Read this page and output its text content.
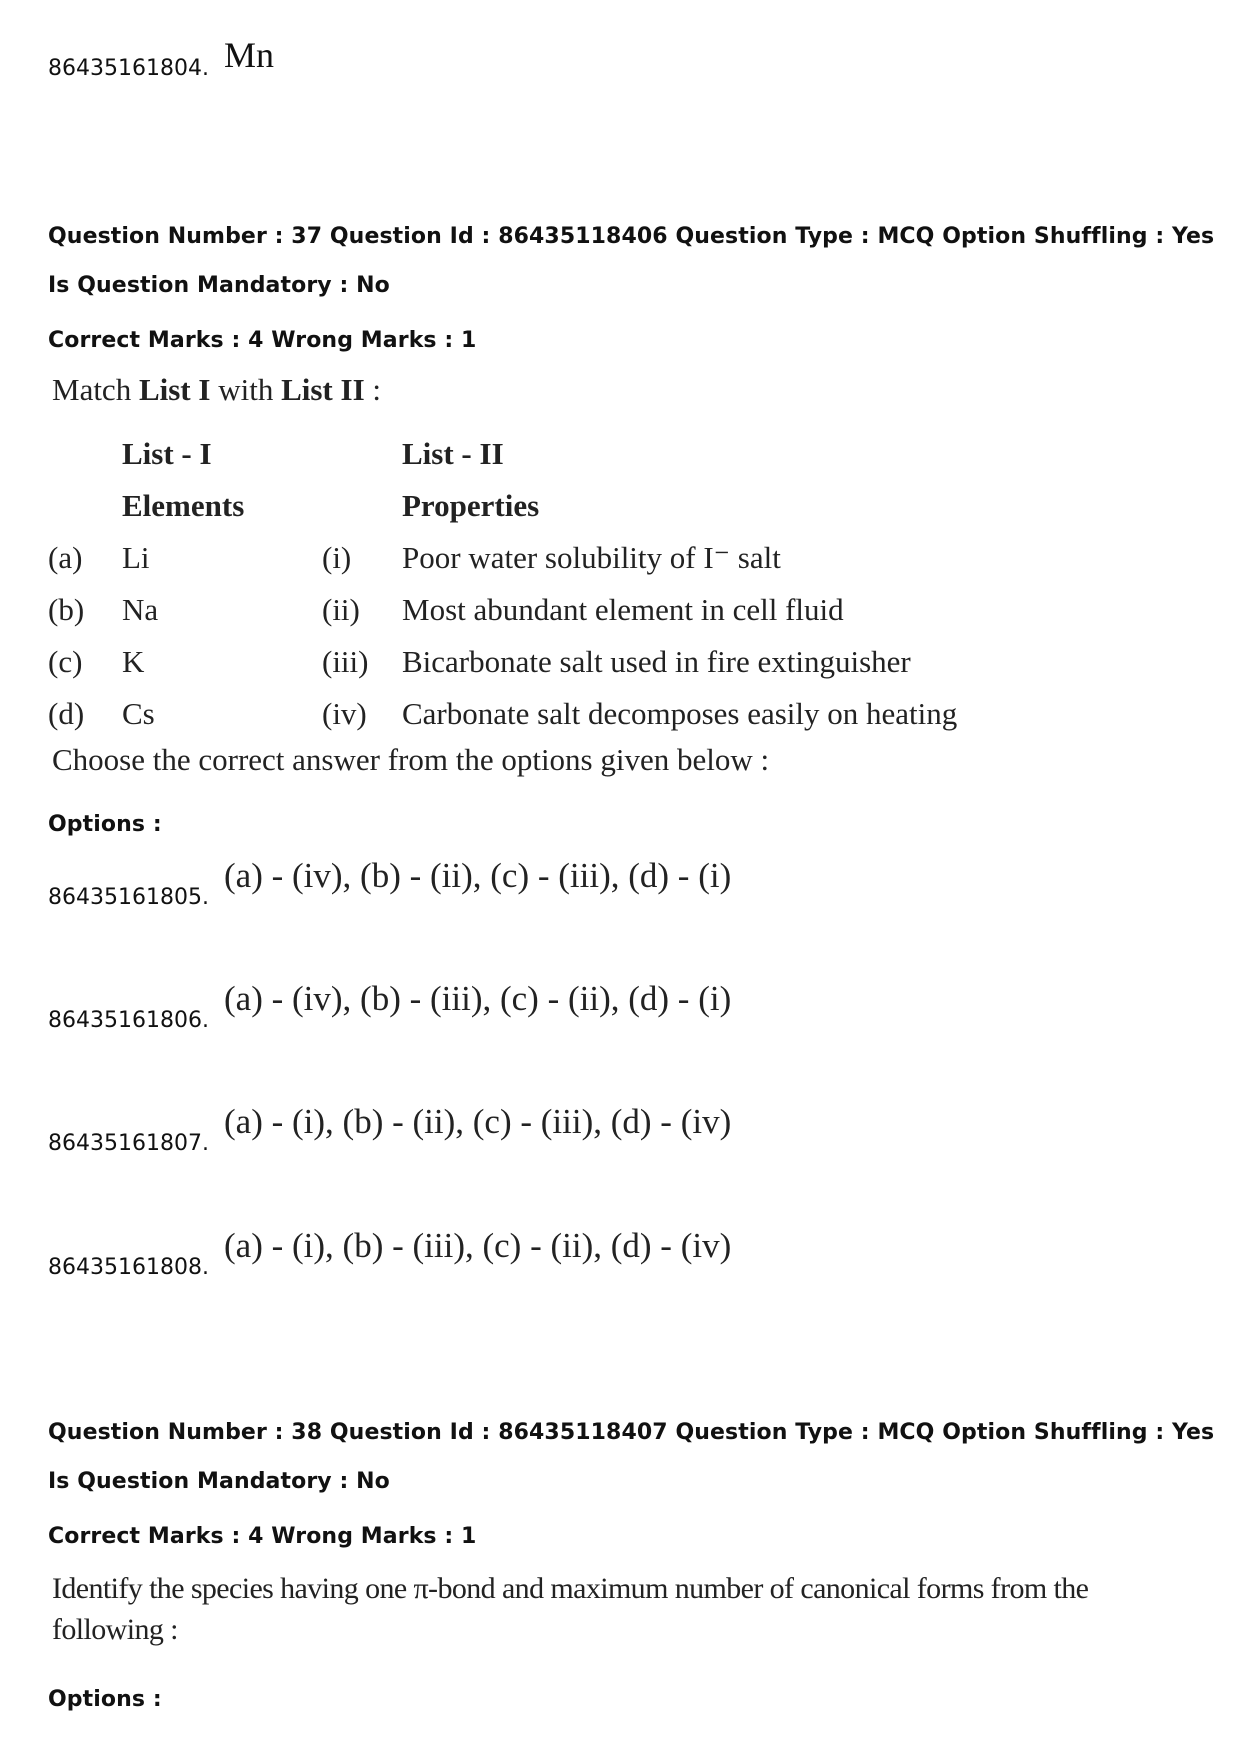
86435161804. Mn
Question Number : 37 Question Id : 86435118406 Question Type : MCQ Option Shuffling : Yes
Is Question Mandatory : No
Correct Marks : 4 Wrong Marks : 1
Match List I with List II :
	List - I		List - II
	Elements		Properties
(a)	Li	(i)	Poor water solubility of I⁻ salt
(b)	Na	(ii)	Most abundant element in cell fluid
(c)	K	(iii)	Bicarbonate salt used in fire extinguisher
(d)	Cs	(iv)	Carbonate salt decomposes easily on heating
Choose the correct answer from the options given below :
Options :
86435161805.
(a) - (iv), (b) - (ii), (c) - (iii), (d) - (i)
86435161806.
(a) - (iv), (b) - (iii), (c) - (ii), (d) - (i)
86435161807.
(a) - (i), (b) - (ii), (c) - (iii), (d) - (iv)
86435161808.
(a) - (i), (b) - (iii), (c) - (ii), (d) - (iv)
Question Number : 38 Question Id : 86435118407 Question Type : MCQ Option Shuffling : Yes
Is Question Mandatory : No
Correct Marks : 4 Wrong Marks : 1
Identify the species having one π-bond and maximum number of canonical forms from the
following :
Options :
